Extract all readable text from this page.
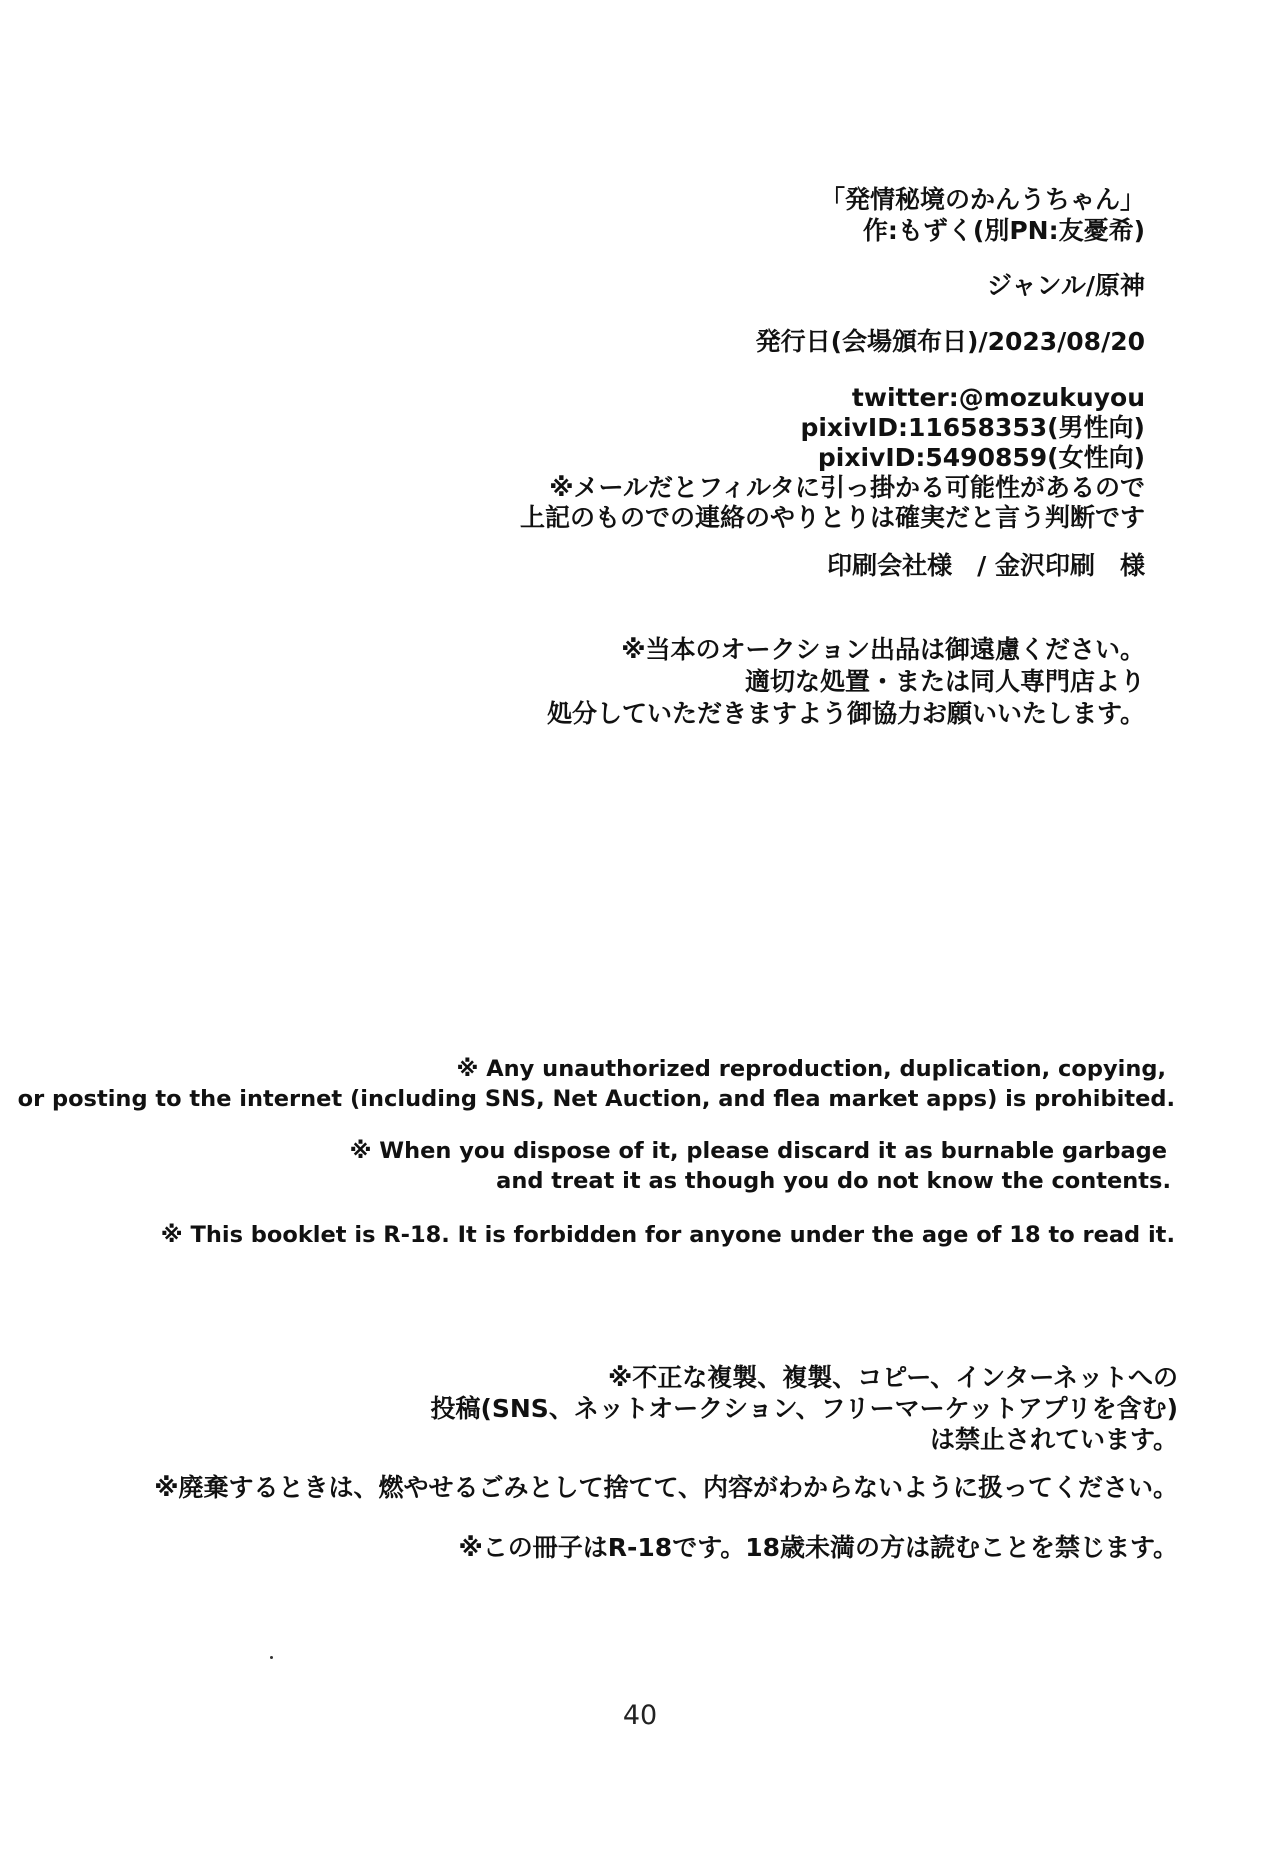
「発情秘境のかんうちゃん」
作:もずく(別PN:友憂希)
ジャンル/原神
発行日(会場頒布日)/2023/08/20
twitter:@mozukuyou
pixivID:11658353(男性向)
pixivID:5490859(女性向)
※メールだとフィルタに引っ掛かる可能性があるので
上記のものでの連絡のやりとりは確実だと言う判断です
印刷会社様　/ 金沢印刷　様
※当本のオークション出品は御遠慮ください。
適切な処置・または同人専門店より
処分していただきますよう御協力お願いいたします。
※ Any unauthorized reproduction, duplication, copying,
or posting to the internet (including SNS, Net Auction, and flea market apps) is prohibited.
※ When you dispose of it, please discard it as burnable garbage
and treat it as though you do not know the contents.
※ This booklet is R-18. It is forbidden for anyone under the age of 18 to read it.
※不正な複製、複製、コピー、インターネットへの
投稿(SNS、ネットオークション、フリーマーケットアプリを含む)
は禁止されています。
※廃棄するときは、燃やせるごみとして捨てて、内容がわからないように扱ってください。
※この冊子はR-18です。18歳未満の方は読むことを禁じます。
40
